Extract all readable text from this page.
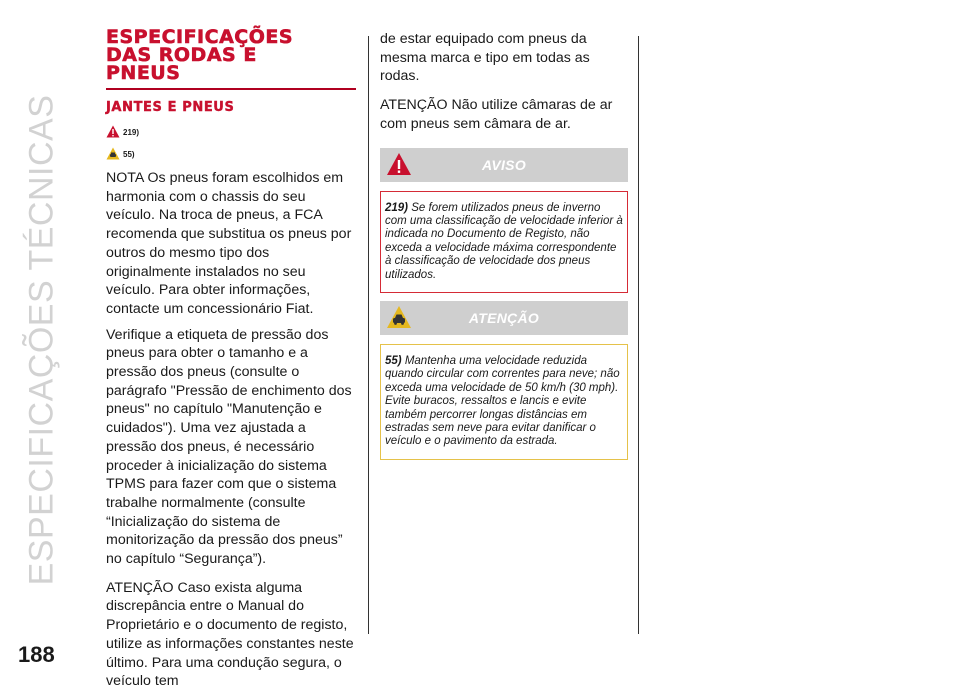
ESPECIFICAÇÕES TÉCNICAS
188
ESPECIFICAÇÕES
DAS RODAS E
PNEUS
JANTES E PNEUS
219)
55)

NOTA Os pneus foram escolhidos em harmonia com o chassis do seu veículo. Na troca de pneus, a FCA recomenda que substitua os pneus por outros do mesmo tipo dos originalmente instalados no seu veículo. Para obter informações, contacte um concessionário Fiat.

Verifique a etiqueta de pressão dos pneus para obter o tamanho e a pressão dos pneus (consulte o parágrafo "Pressão de enchimento dos pneus" no capítulo "Manutenção e cuidados"). Uma vez ajustada a pressão dos pneus, é necessário proceder à inicialização do sistema TPMS para fazer com que o sistema trabalhe normalmente (consulte “Inicialização do sistema de monitorização da pressão dos pneus” no capítulo “Segurança”).

ATENÇÃO Caso exista alguma discrepância entre o Manual do Proprietário e o documento de registo, utilize as informações constantes neste último. Para uma condução segura, o veículo tem

de estar equipado com pneus da mesma marca e tipo em todas as rodas.

ATENÇÃO Não utilize câmaras de ar com pneus sem câmara de ar.

AVISO
219) Se forem utilizados pneus de inverno com uma classificação de velocidade inferior à indicada no Documento de Registo, não exceda a velocidade máxima correspondente à classificação de velocidade dos pneus utilizados.
ATENÇÃO
55) Mantenha uma velocidade reduzida quando circular com correntes para neve; não exceda uma velocidade de 50 km/h (30 mph). Evite buracos, ressaltos e lancis e evite também percorrer longas distâncias em estradas sem neve para evitar danificar o veículo e o pavimento da estrada.
